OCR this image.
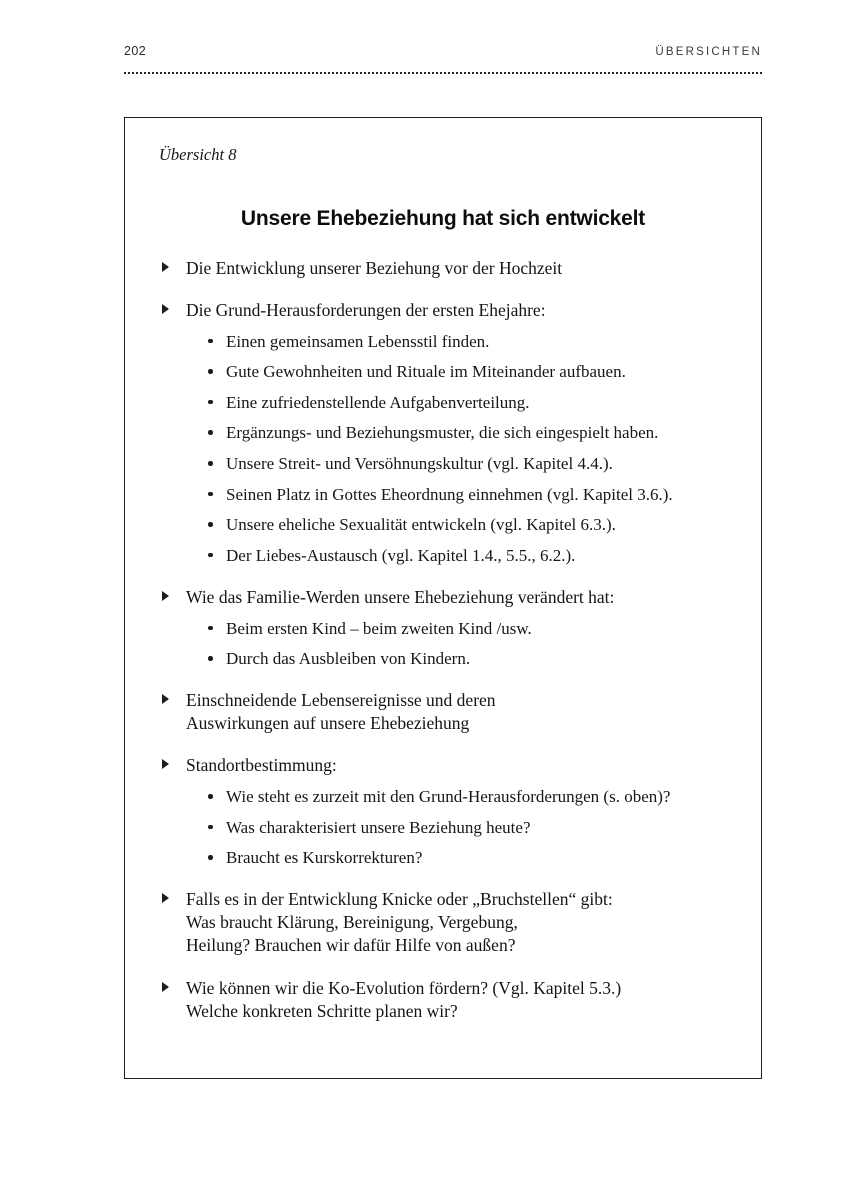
202	ÜBERSICHTEN
Übersicht 8
Unsere Ehebeziehung hat sich entwickelt
Die Entwicklung unserer Beziehung vor der Hochzeit
Die Grund-Herausforderungen der ersten Ehejahre:
Einen gemeinsamen Lebensstil finden.
Gute Gewohnheiten und Rituale im Miteinander aufbauen.
Eine zufriedenstellende Aufgabenverteilung.
Ergänzungs- und Beziehungsmuster, die sich eingespielt haben.
Unsere Streit- und Versöhnungskultur (vgl. Kapitel 4.4.).
Seinen Platz in Gottes Eheordnung einnehmen (vgl. Kapitel 3.6.).
Unsere eheliche Sexualität entwickeln (vgl. Kapitel 6.3.).
Der Liebes-Austausch (vgl. Kapitel 1.4., 5.5., 6.2.).
Wie das Familie-Werden unsere Ehebeziehung verändert hat:
Beim ersten Kind – beim zweiten Kind /usw.
Durch das Ausbleiben von Kindern.
Einschneidende Lebensereignisse und deren
Auswirkungen auf unsere Ehebeziehung
Standortbestimmung:
Wie steht es zurzeit mit den Grund-Herausforderungen (s. oben)?
Was charakterisiert unsere Beziehung heute?
Braucht es Kurskorrekturen?
Falls es in der Entwicklung Knicke oder „Bruchstellen“ gibt:
Was braucht Klärung, Bereinigung, Vergebung,
Heilung? Brauchen wir dafür Hilfe von außen?
Wie können wir die Ko-Evolution fördern? (Vgl. Kapitel 5.3.)
Welche konkreten Schritte planen wir?
